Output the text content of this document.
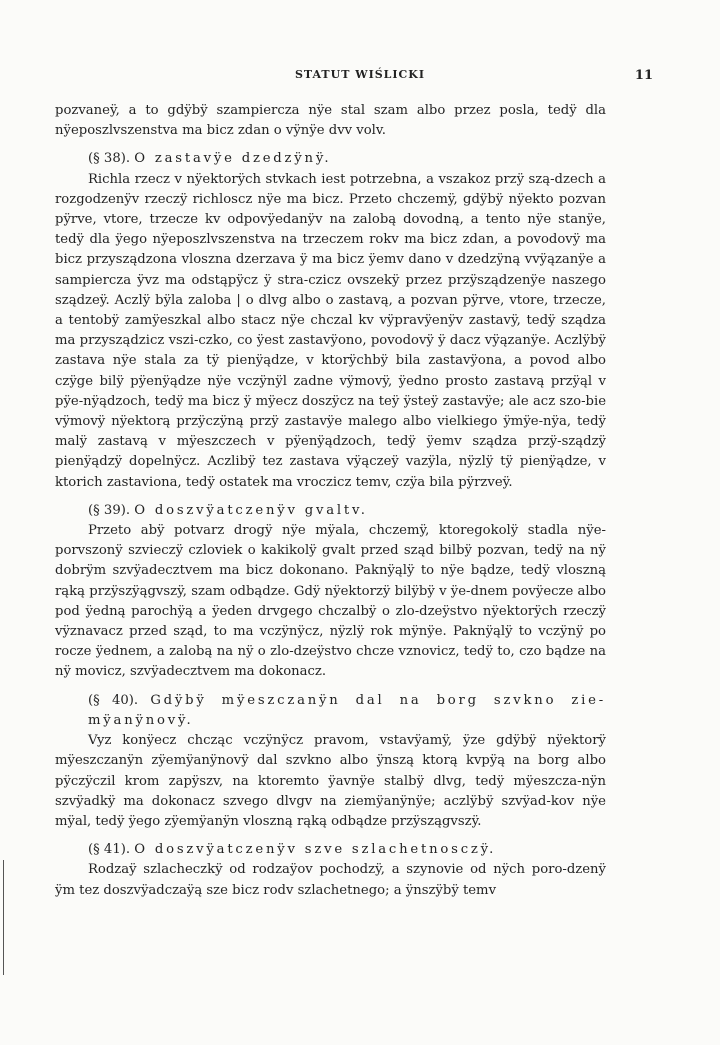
STATUT WIŚLICKI	11

pozvaneÿ, a to gdÿbÿ szampiercza nÿe stal szam albo przez posla, tedÿ dla nÿeposzlvszenstva ma bicz zdan o vÿnÿe dvv volv.

(§ 38). O zastavÿe dzedzÿnÿ.

Richla rzecz v nÿektorÿch stvkach iest potrzebna, a vszakoz przÿ szą-dzech a rozgodzenÿv rzeczÿ richloscz nÿe ma bicz. Przeto chczemÿ, gdÿbÿ nÿekto pozvan pÿrve, vtore, trzecze kv odpovÿedanÿv na zalobą dovodną, a tento nÿe stanÿe, tedÿ dla ÿego nÿeposzlvszenstva na trzeczem rokv ma bicz zdan, a povodovÿ ma bicz przysządzona vloszna dzerzava ÿ ma bicz ÿemv dano v dzedzÿną vvÿązanÿe a sampiercza ÿvz ma odstąpÿcz ÿ stra-czicz ovszekÿ przez przÿsządzenÿe naszego sządzeÿ. Aczlÿ bÿla zaloba | o dlvg albo o zastavą, a pozvan pÿrve, vtore, trzecze, a tentobÿ zamÿeszkal albo stacz nÿe chczal kv vÿpravÿenÿv zastavÿ, tedÿ sządza ma przysządzicz vszi-czko, co ÿest zastavÿono, povodovÿ ÿ dacz vÿązanÿe. Aczlÿbÿ zastava nÿe stala za tÿ pienÿądze, v ktorÿchbÿ bila zastavÿona, a povod albo czÿge bilÿ pÿenÿądze nÿe vczÿnÿl zadne vÿmovÿ, ÿedno prosto zastavą przÿąl v pÿe-nÿądzoch, tedÿ ma bicz ÿ mÿecz doszÿcz na teÿ ÿsteÿ zastavÿe; ale acz szo-bie vÿmovÿ nÿektorą przÿczÿną przÿ zastavÿe malego albo vielkiego ÿmÿe-nÿa, tedÿ malÿ zastavą v mÿeszczech v pÿenÿądzoch, tedÿ ÿemv sządza przÿ-sządzÿ pienÿądzÿ dopelnÿcz. Aczlibÿ tez zastava vÿączeÿ vazÿla, nÿzlÿ tÿ pienÿądze, v ktorich zastaviona, tedÿ ostatek ma vroczicz temv, czÿa bila pÿrzveÿ.

(§ 39). O doszvÿatczenÿv gvaltv.

Przeto abÿ potvarz drogÿ nÿe mÿala, chczemÿ, ktoregokolÿ stadla nÿe-porvszonÿ szvieczÿ czloviek o kakikolÿ gvalt przed sząd bilbÿ pozvan, tedÿ na nÿ dobrÿm szvÿadecztvem ma bicz dokonano. Paknÿąlÿ to nÿe bądze, tedÿ vloszną rąką przÿszÿągvszÿ, szam odbądze. Gdÿ nÿektorzÿ bilÿbÿ v ÿe-dnem povÿecze albo pod ÿedną parochÿą a ÿeden drvgego chczalbÿ o zlo-dzeÿstvo nÿektorÿch rzeczÿ vÿznavacz przed sząd, to ma vczÿnÿcz, nÿzlÿ rok mÿnÿe. Paknÿąlÿ to vczÿnÿ po rocze ÿednem, a zalobą na nÿ o zlo-dzeÿstvo chcze vznovicz, tedÿ to, czo bądze na nÿ movicz, szvÿadecztvem ma dokonacz.

(§ 40). Gdÿbÿ mÿeszczanÿn dal na borg szvkno zie-mÿanÿnovÿ.

Vyz konÿecz chcząc vczÿnÿcz pravom, vstavÿamÿ, ÿze gdÿbÿ nÿektorÿ mÿeszczanÿn zÿemÿanÿnovÿ dal szvkno albo ÿnszą ktorą kvpÿą na borg albo pÿczÿczil krom zapÿszv, na ktoremto ÿavnÿe stalbÿ dlvg, tedÿ mÿeszcza-nÿn szvÿadkÿ ma dokonacz szvego dlvgv na ziemÿanÿnÿe; aczlÿbÿ szvÿad-kov nÿe mÿal, tedÿ ÿego zÿemÿanÿn vloszną rąką odbądze przÿszągvszÿ.

(§ 41). O doszvÿatczenÿv szve szlachetnosczÿ.

Rodzaÿ szlacheczkÿ od rodzaÿov pochodzÿ, a szynovie od nÿch poro-dzenÿ ÿm tez doszvÿadczaÿą sze bicz rodv szlachetnego; a ÿnszÿbÿ temv
